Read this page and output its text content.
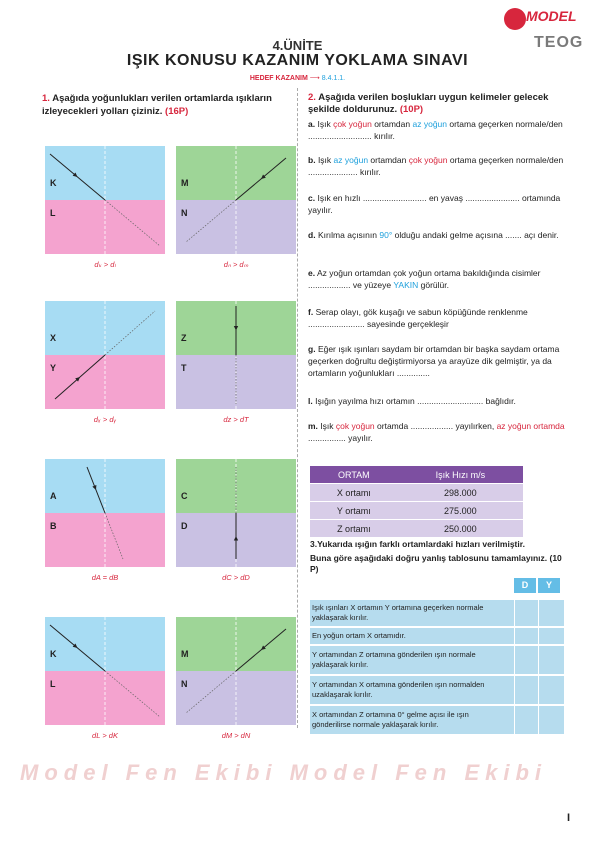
MODEL
TEOG
4.ÜNİTE
IŞIK KONUSU KAZANIM YOKLAMA SINAVI
HEDEF KAZANIM ⟶ 8.4.1.1.
1. Aşağıda yoğunlukları verilen ortamlarda ışıkların izleyecekleri yolları çiziniz. (16P)
K
L
dₖ > dₗ
M
N
dₙ > dₘ
X
Y
dₓ > dᵧ
Z
T
dz > dT
A
B
dA = dB
C
D
dC > dD
K
L
dL > dK
M
N
dM > dN
2. Aşağıda verilen boşlukları uygun kelimeler gelecek şekilde doldurunuz. (10P)
a. Işık çok yoğun ortamdan az yoğun ortama geçerken normale/den ........................... kırılır.
b. Işık az yoğun ortamdan çok yoğun ortama geçerken normale/den ..................... kırılır.
c. Işık en hızlı ........................... en yavaş ....................... ortamında yayılır.
d. Kırılma açısının 90° olduğu andaki gelme açısına ....... açı denir.
e. Az yoğun ortamdan çok yoğun ortama bakıldığında cisimler .................. ve yüzeye YAKIN görülür.
f. Serap olayı, gök kuşağı ve sabun köpüğünde renklenme ........................ sayesinde gerçekleşir
g. Eğer ışık ışınları saydam bir ortamdan bir başka saydam ortama geçerken doğrultu değiştirmiyorsa ya arayüze dik gelmiştir, ya da ortamların yoğunlukları ..............
l. Işığın yayılma hızı ortamın ............................ bağlıdır.
m. Işık çok yoğun ortamda .................. yayılırken, az yoğun ortamda ................ yayılır.
ORTAM	Işık Hızı m/s
X ortamı	298.000
Y ortamı	275.000
Z ortamı	250.000
3.Yukarıda ışığın farklı ortamlardaki hızları verilmiştir.
Buna göre aşağıdaki doğru yanlış tablosunu tamamlayınız. (10 P)
D	Y
Işık ışınları X ortamın Y ortamına geçerken normale yaklaşarak kırılır.
En yoğun ortam X ortamıdır.
Y ortamından Z ortamına gönderilen ışın normale yaklaşarak kırılır.
Y ortamından X ortamına gönderilen ışın normalden uzaklaşarak kırılır.
X ortamından Z ortamına 0° gelme açısı ile ışın gönderilirse normale yaklaşarak kırılır.
Model Fen Ekibi Model Fen Ekibi
I
